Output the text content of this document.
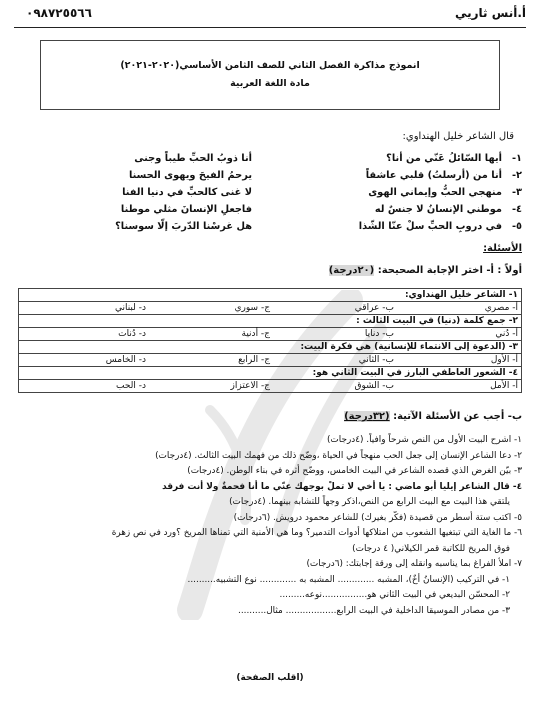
أ.أنس ثاريي
٠٩٨٧٢٥٥٦٦
انموذج مذاكرة الفصل الثاني للصف الثامن الأساسي(٢٠٢٠-٢٠٢١)
مادة اللغة العربية
قال الشاعر خليل الهنداوي:
١-
أيها السّائلُ عَنّي من أنا؟
أنا ذوبُ الحبِّ طيباً وجنى
٢-
أنا من (أرسلتُ) قلبي عاشقاً
يرحمُ الفيحَ ويهوى الحسنا
٣-
منهجي الحبُّ وإيماني الهوى
لا غنى كالحبِّ في دنيا الفنا
٤-
موطني الإنسانُ لا جنسٌ له
فاجعلِ الإنسانَ مثلي موطنا
٥-
في دروبِ الحبِّ سلْ عنّا الشّذا
هل غرسْنا الدّربَ إلّا سوسنا؟
الأسئلة:
أولاً : أ- اختر الإجابة الصحيحة: (٢٠درجة)
١- الشاعر خليل الهنداوي:

أ- مصري
ب- عراقي
ج- سوري
د- لبناني

٢- جمع كلمة (دنيا) في البيت الثالث :

أ- دُني
ب- دنايا
ج- أدنية
د- دُنات

٣- (الدعوة إلى الانتماء للإنسانية) هي فكرة البيت:

أ- الأول
ب- الثاني
ج- الرابع
د- الخامس

٤- الشعور العاطفي البارز في البيت الثاني هو:

أ- الأمل
ب- الشوق
ج- الاعتزاز
د- الحب
ب- أجب عن الأسئلة الآتية: (٣٢درجة)
١- اشرح البيت الأول من النص شرحاً وافياً. (٤درجات)
٢- دعا الشاعر الإنسان إلى جعل الحب منهجاً في الحياة ،وضّح ذلك من فهمك البيت الثالث. (٤درجات)
٣- بيّن الغرض الذي قصده الشاعر في البيت الخامس، ووضّح أثره في بناء الوطن. (٤درجات)
٤- قال الشاعر إيليا أبو ماضي : يا أخي لا تملْ بوجهك عنّي ما أنا فحمةٌ ولا أنت فرقد
يلتقي هذا البيت مع البيت الرابع من النص،اذكر وجهاً للتشابه بينهما. (٤درجات)
٥- اكتب ستة أسطر من قصيدة (فكّر بغيرك) للشاعر محمود درويش. (٦درجات)
٦- ما الغاية التي تبتغيها الشعوب من امتلاكها أدوات التدمير؟ وما هي الأمنية التي تمناها المريخ ؟ورد في نص زهرة
فوق المريخ للكاتبة قمر الكيلاني( ٤ درجات)
٧- املأ الفراغ بما يناسبه وانقله إلى ورقة إجابتك: (٦درجات)
١- في التركيب (الإنسانُ أخٌ)، المشبه ............. المشبه به ............. نوع التشبيه..........
٢- المحسّن البديعي في البيت الثاني هو................نوعه.........
٣- من مصادر الموسيقا الداخلية في البيت الرابع.................. مثال..........
(اقلب الصفحة)
